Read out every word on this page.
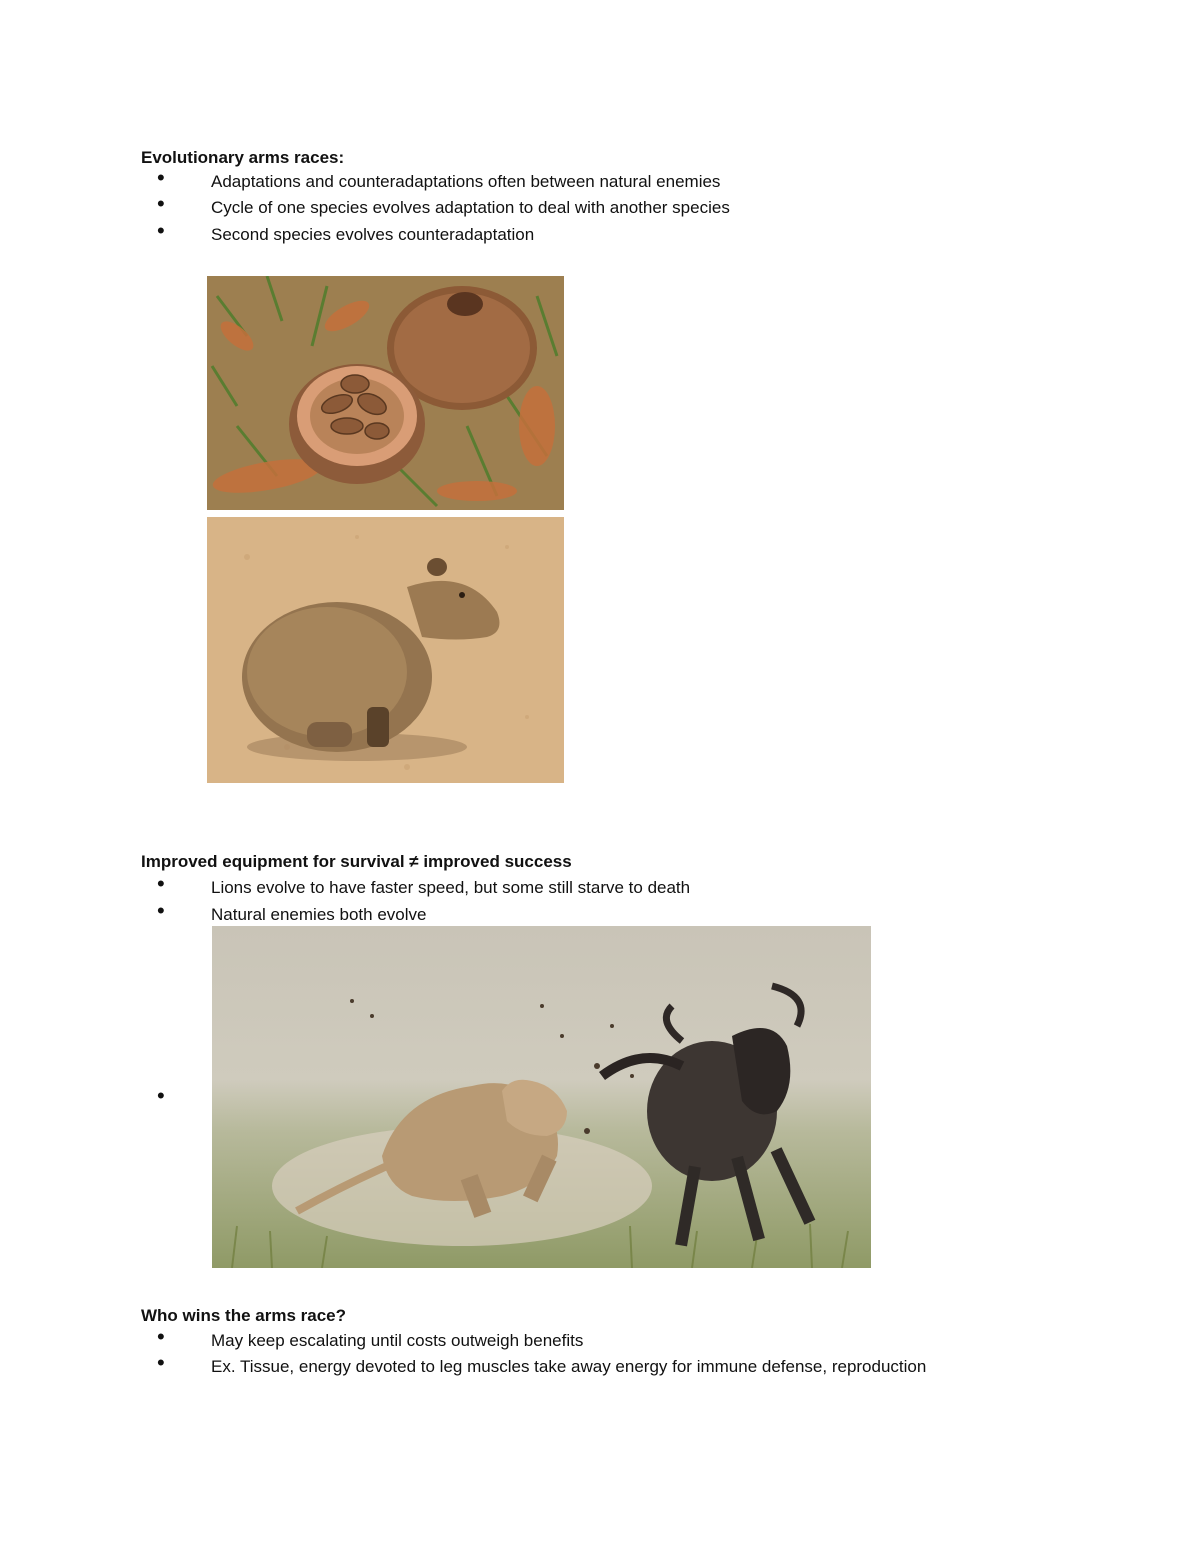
Evolutionary arms races:
•	Adaptations and counteradaptations often between natural enemies
•	Cycle of one species evolves adaptation to deal with another species
•	Second species evolves counteradaptation
Improved equipment for survival ≠ improved success
•	Lions evolve to have faster speed, but some still starve to death
•	Natural enemies both evolve
•
Who wins the arms race?
•	May keep escalating until costs outweigh benefits
•	Ex. Tissue, energy devoted to leg muscles take away energy for immune defense, reproduction
